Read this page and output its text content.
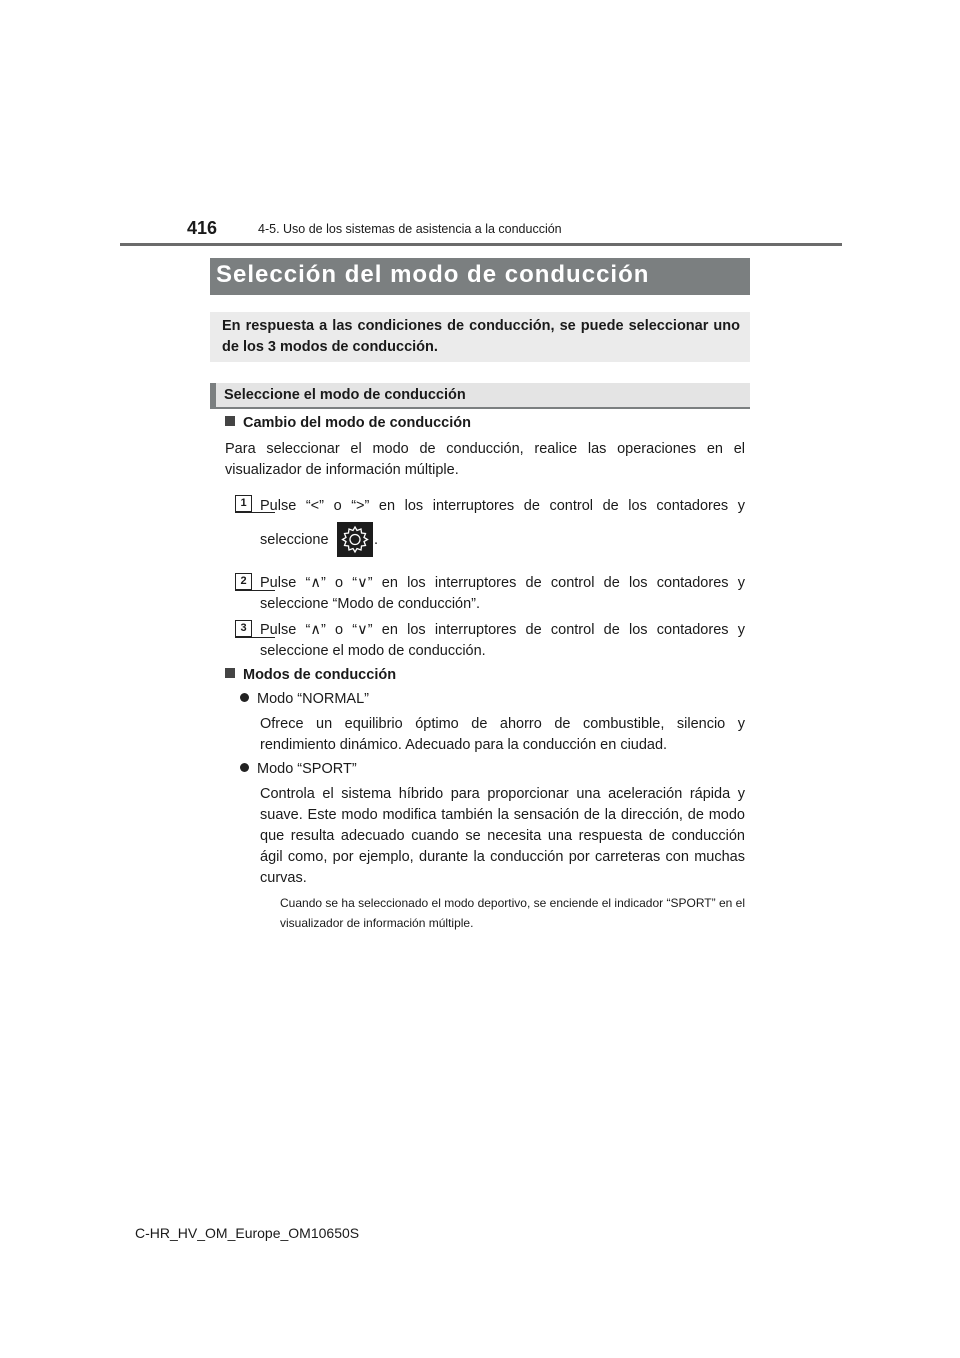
416	4-5. Uso de los sistemas de asistencia a la conducción
Selección del modo de conducción
En respuesta a las condiciones de conducción, se puede seleccionar uno de los 3 modos de conducción.
Seleccione el modo de conducción
Cambio del modo de conducción
Para seleccionar el modo de conducción, realice las operaciones en el visualizador de información múltiple.
1 Pulse “<” o “>” en los interruptores de control de los contadores y
seleccione	.
2 Pulse “∧” o “∨” en los interruptores de control de los contadores y seleccione “Modo de conducción”.
3 Pulse “∧” o “∨” en los interruptores de control de los contadores y seleccione el modo de conducción.
Modos de conducción
Modo “NORMAL”
Ofrece un equilibrio óptimo de ahorro de combustible, silencio y rendimiento dinámico. Adecuado para la conducción en ciudad.
Modo “SPORT”
Controla el sistema híbrido para proporcionar una aceleración rápida y suave. Este modo modifica también la sensación de la dirección, de modo que resulta adecuado cuando se necesita una respuesta de conducción ágil como, por ejemplo, durante la conducción por carreteras con muchas curvas.
Cuando se ha seleccionado el modo deportivo, se enciende el indicador “SPORT” en el visualizador de información múltiple.
C-HR_HV_OM_Europe_OM10650S
